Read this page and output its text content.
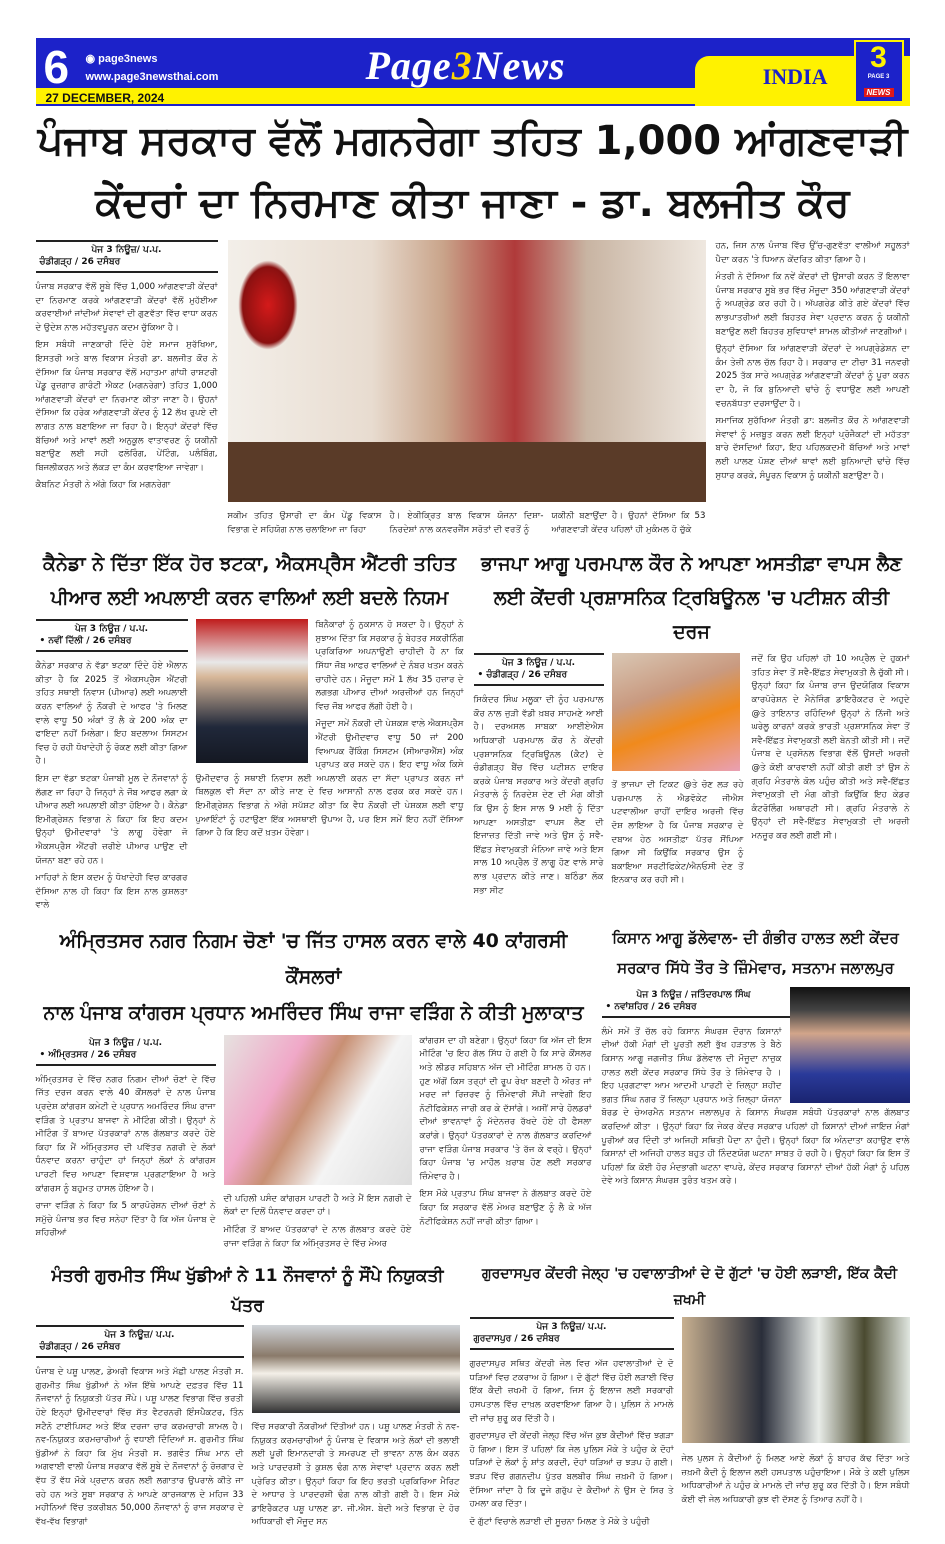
6 ◉ page3news
www.page3newsthai.com
27 DECEMBER, 2024
Page3News	INDIA
3
PAGE 3
NEWS
ਪੰਜਾਬ ਸਰਕਾਰ ਵੱਲੋਂ ਮਗਨਰੇਗਾ ਤਹਿਤ 1,000 ਆਂਗਣਵਾੜੀ
ਕੇਂਦਰਾਂ ਦਾ ਨਿਰਮਾਣ ਕੀਤਾ ਜਾਣਾ - ਡਾ. ਬਲਜੀਤ ਕੌਰ
ਪੇਜ 3 ਨਿਊਜ਼/ ਪ.ਪ.
ਚੰਡੀਗੜ੍ਹ / 26 ਦਸੰਬਰ

ਪੰਜਾਬ ਸਰਕਾਰ ਵੱਲੋਂ ਸੂਬੇ ਵਿੱਚ 1,000 ਆਂਗਣਵਾੜੀ ਕੇਂਦਰਾਂ ਦਾ ਨਿਰਮਾਣ ਕਰਕੇ ਆਂਗਣਵਾੜੀ ਕੇਂਦਰਾਂ ਵੱਲੋਂ ਮੁਹੱਈਆ ਕਰਵਾਈਆਂ ਜਾਂਦੀਆਂ ਸੇਵਾਵਾਂ ਦੀ ਗੁਣਵੱਤਾ ਵਿੱਚ ਵਾਧਾ ਕਰਨ ਦੇ ਉਦੇਸ਼ ਨਾਲ ਮਹੱਤਵਪੂਰਨ ਕਦਮ ਚੁੱਕਿਆ ਹੈ।

ਇਸ ਸਬੰਧੀ ਜਾਣਕਾਰੀ ਦਿੰਦੇ ਹੋਏ ਸਮਾਜ ਸੁਰੱਖਿਆ, ਇਸਤਰੀ ਅਤੇ ਬਾਲ ਵਿਕਾਸ ਮੰਤਰੀ ਡਾ. ਬਲਜੀਤ ਕੌਰ ਨੇ ਦੱਸਿਆ ਕਿ ਪੰਜਾਬ ਸਰਕਾਰ ਵੱਲੋਂ ਮਹਾਤਮਾ ਗਾਂਧੀ ਰਾਸ਼ਟਰੀ ਪੇਂਡੂ ਰੁਜ਼ਗਾਰ ਗਾਰੰਟੀ ਐਕਟ (ਮਗਨਰੇਗਾ) ਤਹਿਤ 1,000 ਆਂਗਣਵਾੜੀ ਕੇਂਦਰਾਂ ਦਾ ਨਿਰਮਾਣ ਕੀਤਾ ਜਾਣਾ ਹੈ। ਉਹਨਾਂ ਦੱਸਿਆ ਕਿ ਹਰੇਕ ਆਂਗਣਵਾੜੀ ਕੇਂਦਰ ਨੂੰ 12 ਲੱਖ ਰੁਪਏ ਦੀ ਲਾਗਤ ਨਾਲ ਬਣਾਇਆ ਜਾ ਰਿਹਾ ਹੈ। ਇਨ੍ਹਾਂ ਕੇਂਦਰਾਂ ਵਿੱਚ ਬੱਚਿਆਂ ਅਤੇ ਮਾਵਾਂ ਲਈ ਅਨੁਕੂਲ ਵਾਤਾਵਰਣ ਨੂੰ ਯਕੀਨੀ ਬਣਾਉਣ ਲਈ ਸਹੀ ਫਲੋਰਿੰਗ, ਪੇਂਟਿੰਗ, ਪਲੰਬਿੰਗ, ਬਿਜਲੀਕਰਨ ਅਤੇ ਲੱਕੜ ਦਾ ਕੰਮ ਕਰਵਾਇਆ ਜਾਵੇਗਾ।

ਕੈਬਨਿਟ ਮੰਤਰੀ ਨੇ ਅੱਗੇ ਕਿਹਾ ਕਿ ਮਗਨਰੇਗਾ

ਸਕੀਮ ਤਹਿਤ ਉਸਾਰੀ ਦਾ ਕੰਮ ਪੇਂਡੂ ਵਿਕਾਸ ਵਿਭਾਗ ਦੇ ਸਹਿਯੋਗ ਨਾਲ ਚਲਾਇਆ ਜਾ ਰਿਹਾ

ਹੈ। ਏਕੀਕ੍ਰਿਤ ਬਾਲ ਵਿਕਾਸ ਯੋਜਨਾ ਦਿਸ਼ਾ- ਨਿਰਦੇਸ਼ਾਂ ਨਾਲ ਕਨਵਰਜੈਂਸ ਸਰੋਤਾਂ ਦੀ ਵਰਤੋਂ ਨੂੰ

ਯਕੀਨੀ ਬਣਾਉਂਦਾ ਹੈ। ਉਹਨਾਂ ਦੱਸਿਆ ਕਿ 53 ਆਂਗਣਵਾੜੀ ਕੇਂਦਰ ਪਹਿਲਾਂ ਹੀ ਮੁਕੰਮਲ ਹੋ ਚੁੱਕੇ

ਹਨ, ਜਿਸ ਨਾਲ ਪੰਜਾਬ ਵਿੱਚ ਉੱਚ-ਗੁਣਵੱਤਾ ਵਾਲੀਆਂ ਸਹੂਲਤਾਂ ਪੈਦਾ ਕਰਨ 'ਤੇ ਧਿਆਨ ਕੇਂਦਰਿਤ ਕੀਤਾ ਗਿਆ ਹੈ।

ਮੰਤਰੀ ਨੇ ਦੱਸਿਆ ਕਿ ਨਵੇਂ ਕੇਂਦਰਾਂ ਦੀ ਉਸਾਰੀ ਕਰਨ ਤੋਂ ਇਲਾਵਾ ਪੰਜਾਬ ਸਰਕਾਰ ਸੂਬੇ ਭਰ ਵਿੱਚ ਮੌਜੂਦਾ 350 ਆਂਗਣਵਾੜੀ ਕੇਂਦਰਾਂ ਨੂੰ ਅਪਗ੍ਰੇਡ ਕਰ ਰਹੀ ਹੈ। ਅੱਪਗਰੇਡ ਕੀਤੇ ਗਏ ਕੇਂਦਰਾਂ ਵਿੱਚ ਲਾਭਪਾਤਰੀਆਂ ਲਈ ਬਿਹਤਰ ਸੇਵਾ ਪ੍ਰਦਾਨ ਕਰਨ ਨੂੰ ਯਕੀਨੀ ਬਣਾਉਣ ਲਈ ਬਿਹਤਰ ਸੁਵਿਧਾਵਾਂ ਸ਼ਾਮਲ ਕੀਤੀਆਂ ਜਾਣਗੀਆਂ।

ਉਨ੍ਹਾਂ ਦੱਸਿਆ ਕਿ ਆਂਗਣਵਾੜੀ ਕੇਂਦਰਾਂ ਦੇ ਅਪਗ੍ਰੇਡੇਸ਼ਨ ਦਾ ਕੰਮ ਤੇਜ਼ੀ ਨਾਲ ਚੱਲ ਰਿਹਾ ਹੈ। ਸਰਕਾਰ ਦਾ ਟੀਚਾ 31 ਜਨਵਰੀ 2025 ਤੱਕ ਸਾਰੇ ਅਪਗ੍ਰੇਡ ਆਂਗਣਵਾੜੀ ਕੇਂਦਰਾਂ ਨੂੰ ਪੂਰਾ ਕਰਨ ਦਾ ਹੈ, ਜੋ ਕਿ ਬੁਨਿਆਦੀ ਢਾਂਚੇ ਨੂੰ ਵਧਾਉਣ ਲਈ ਆਪਣੀ ਵਚਨਬੱਧਤਾ ਦਰਸਾਉਂਦਾ ਹੈ।

ਸਮਾਜਿਕ ਸੁਰੱਖਿਆ ਮੰਤਰੀ ਡਾ: ਬਲਜੀਤ ਕੌਰ ਨੇ ਆਂਗਣਵਾੜੀ ਸੇਵਾਵਾਂ ਨੂੰ ਮਜ਼ਬੂਤ ਕਰਨ ਲਈ ਇਨ੍ਹਾਂ ਪ੍ਰੋਜੈਕਟਾਂ ਦੀ ਮਹੱਤਤਾ ਬਾਰੇ ਦੱਸਦਿਆਂ ਕਿਹਾ, ਇਹ ਪਹਿਲਕਦਮੀ ਬੱਚਿਆਂ ਅਤੇ ਮਾਵਾਂ ਲਈ ਪਾਲਣ ਪੋਸ਼ਣ ਦੀਆਂ ਥਾਵਾਂ ਲਈ ਬੁਨਿਆਦੀ ਢਾਂਚੇ ਵਿੱਚ ਸੁਧਾਰ ਕਰਕੇ, ਸੰਪੂਰਨ ਵਿਕਾਸ ਨੂੰ ਯਕੀਨੀ ਬਣਾਉਣਾ ਹੈ।

ਕੈਨੇਡਾ ਨੇ ਦਿੱਤਾ ਇੱਕ ਹੋਰ ਝਟਕਾ, ਐਕਸਪ੍ਰੈਸ ਐਂਟਰੀ ਤਹਿਤ
ਪੀਆਰ ਲਈ ਅਪਲਾਈ ਕਰਨ ਵਾਲਿਆਂ ਲਈ ਬਦਲੇ ਨਿਯਮ
ਪੇਜ 3 ਨਿਊਜ਼ / ਪ.ਪ.
• ਨਵੀਂ ਦਿੱਲੀ / 26 ਦਸੰਬਰ

ਕੈਨੇਡਾ ਸਰਕਾਰ ਨੇ ਵੱਡਾ ਝਟਕਾ ਦਿੰਦੇ ਹੋਏ ਐਲਾਨ ਕੀਤਾ ਹੈ ਕਿ 2025 ਤੋਂ ਐਕਸਪ੍ਰੈਸ ਐਂਟਰੀ ਤਹਿਤ ਸਥਾਈ ਨਿਵਾਸ (ਪੀਆਰ) ਲਈ ਅਪਲਾਈ ਕਰਨ ਵਾਲਿਆਂ ਨੂੰ ਨੌਕਰੀ ਦੇ ਆਫਰ 'ਤੇ ਮਿਲਣ ਵਾਲੇ ਵਾਧੂ 50 ਅੰਕਾਂ ਤੋਂ ਲੈ ਕੇ 200 ਅੰਕ ਦਾ ਫਾਇਦਾ ਨਹੀਂ ਮਿਲੇਗਾ। ਇਹ ਬਦਲਾਅ ਸਿਸਟਮ ਵਿਚ ਹੋ ਰਹੀ ਧੋਖਾਦੇਹੀ ਨੂੰ ਰੋਕਣ ਲਈ ਕੀਤਾ ਗਿਆ ਹੈ।

ਇਸ ਦਾ ਵੱਡਾ ਝਟਕਾ ਪੰਜਾਬੀ ਮੂਲ ਦੇ ਨੌਜਵਾਨਾਂ ਨੂੰ ਲੱਗਣ ਜਾ ਰਿਹਾ ਹੈ ਜਿਨ੍ਹਾਂ ਨੇ ਜੌਬ ਆਫਰ ਲਗਾ ਕੇ ਪੀਆਰ ਲਈ ਅਪਲਾਈ ਕੀਤਾ ਹੋਇਆ ਹੈ। ਕੈਨੇਡਾ ਇਮੀਗ੍ਰੇਸ਼ਨ ਵਿਭਾਗ ਨੇ ਕਿਹਾ ਕਿ ਇਹ ਕਦਮ ਉਨ੍ਹਾਂ ਉਮੀਦਵਾਰਾਂ 'ਤੇ ਲਾਗੂ ਹੋਵੇਗਾ ਜੋ ਐਕਸਪ੍ਰੈਸ ਐਂਟਰੀ ਜ਼ਰੀਏ ਪੀਆਰ ਪਾਉਣ ਦੀ ਯੋਜਨਾ ਬਣਾ ਰਹੇ ਹਨ।

ਮਾਹਿਰਾਂ ਨੇ ਇਸ ਕਦਮ ਨੂੰ ਧੋਖਾਦੇਹੀ ਵਿਚ ਕਾਰਗਰ ਦੱਸਿਆ ਨਾਲ ਹੀ ਕਿਹਾ ਕਿ ਇਸ ਨਾਲ ਕੁਸ਼ਲਤਾ ਵਾਲੇ

ਬਿਨੈਕਾਰਾਂ ਨੂੰ ਨੁਕਸਾਨ ਹੋ ਸਕਦਾ ਹੈ। ਉਨ੍ਹਾਂ ਨੇ ਸੁਝਾਅ ਦਿੱਤਾ ਕਿ ਸਰਕਾਰ ਨੂੰ ਬੇਹਤਰ ਸਕਰੀਨਿੰਗ ਪ੍ਰਕਿਰਿਆ ਅਪਨਾਉਣੀ ਚਾਹੀਦੀ ਹੈ ਨਾ ਕਿ ਸਿੱਧਾ ਜੌਬ ਆਫਰ ਵਾਲਿਆਂ ਦੇ ਨੰਬਰ ਖਤਮ ਕਰਨੇ ਚਾਹੀਦੇ ਹਨ। ਮੌਜੂਦਾ ਸਮੇਂ 1 ਲੱਖ 35 ਹਜ਼ਾਰ ਦੇ ਲਗਭਗ ਪੀਆਰ ਦੀਆਂ ਅਰਜ਼ੀਆਂ ਹਨ ਜਿਨ੍ਹਾਂ ਵਿਚ ਜੌਬ ਆਫਰ ਲੱਗੀ ਹੋਈ ਹੈ।

ਮੌਜੂਦਾ ਸਮੇਂ ਨੌਕਰੀ ਦੀ ਪੇਸ਼ਕਸ਼ ਵਾਲੇ ਐਕਸਪ੍ਰੈਸ ਐਂਟਰੀ ਉਮੀਦਵਾਰ ਵਾਧੂ 50 ਜਾਂ 200 ਵਿਆਪਕ ਰੈਂਕਿੰਗ ਸਿਸਟਮ (ਸੀਆਰਐੱਸ) ਅੰਕ ਪ੍ਰਾਪਤ ਕਰ ਸਕਦੇ ਹਨ। ਇਹ ਵਾਧੂ ਅੰਕ ਕਿਸੇ ਉਮੀਦਵਾਰ ਨੂੰ ਸਥਾਈ ਨਿਵਾਸ ਲਈ ਅਪਲਾਈ ਕਰਨ ਦਾ ਸੱਦਾ ਪ੍ਰਾਪਤ ਕਰਨ ਜਾਂ ਬਿਲਕੁਲ ਵੀ ਸੱਦਾ ਨਾ ਕੀਤੇ ਜਾਣ ਦੇ ਵਿਚ ਆਸਾਨੀ ਨਾਲ ਫਰਕ ਕਰ ਸਕਦੇ ਹਨ। ਇਮੀਗ੍ਰੇਸ਼ਨ ਵਿਭਾਗ ਨੇ ਅੱਗੇ ਸਪੱਸ਼ਟ ਕੀਤਾ ਕਿ ਵੈਧ ਨੌਕਰੀ ਦੀ ਪੇਸ਼ਕਸ਼ ਲਈ ਵਾਧੂ ਪੁਆਇੰਟਾਂ ਨੂੰ ਹਟਾਉਣਾ ਇੱਕ ਅਸਥਾਈ ਉਪਾਅ ਹੈ, ਪਰ ਇਸ ਸਮੇਂ ਇਹ ਨਹੀਂ ਦੱਸਿਆ ਗਿਆ ਹੈ ਕਿ ਇਹ ਕਦੋਂ ਖ਼ਤਮ ਹੋਵੇਗਾ।

ਭਾਜਪਾ ਆਗੂ ਪਰਮਪਾਲ ਕੌਰ ਨੇ ਆਪਣਾ ਅਸਤੀਫ਼ਾ ਵਾਪਸ ਲੈਣ
ਲਈ ਕੇਂਦਰੀ ਪ੍ਰਸ਼ਾਸਨਿਕ ਟ੍ਰਿਬਿਊਨਲ 'ਚ ਪਟੀਸ਼ਨ ਕੀਤੀ ਦਰਜ
ਪੇਜ 3 ਨਿਊਜ਼ / ਪ.ਪ.
• ਚੰਡੀਗੜ੍ਹ / 26 ਦਸੰਬਰ

ਸਿਕੰਦਰ ਸਿੰਘ ਮਲੂਕਾ ਦੀ ਨੂੰਹ ਪਰਮਪਾਲ ਕੌਰ ਨਾਲ ਜੁੜੀ ਵੱਡੀ ਖ਼ਬਰ ਸਾਹਮਣੇ ਆਈ ਹੈ। ਦਰਅਸਲ ਸਾਬਕਾ ਆਈਏਐਸ ਅਧਿਕਾਰੀ ਪਰਮਪਾਲ ਕੌਰ ਨੇ ਕੇਂਦਰੀ ਪ੍ਰਸ਼ਾਸਨਿਕ ਟ੍ਰਿਬਿਊਨਲ (ਕੈਟ) ਦੇ ਚੰਡੀਗੜ੍ਹ ਬੈਂਚ ਵਿੱਚ ਪਟੀਸ਼ਨ ਦਾਇਰ ਕਰਕੇ ਪੰਜਾਬ ਸਰਕਾਰ ਅਤੇ ਕੇਂਦਰੀ ਗ੍ਰਹਿ ਮੰਤਰਾਲੇ ਨੂੰ ਨਿਰਦੇਸ਼ ਦੇਣ ਦੀ ਮੰਗ ਕੀਤੀ ਕਿ ਉਸ ਨੂੰ ਇਸ ਸਾਲ 9 ਮਈ ਨੂੰ ਦਿੱਤਾ ਆਪਣਾ ਅਸਤੀਫ਼ਾ ਵਾਪਸ ਲੈਣ ਦੀ ਇਜਾਜ਼ਤ ਦਿੱਤੀ ਜਾਵੇ ਅਤੇ ਉਸ ਨੂੰ ਸਵੈ-ਇੱਛਤ ਸੇਵਾਮੁਕਤੀ ਮੰਨਿਆ ਜਾਵੇ ਅਤੇ ਇਸ ਸਾਲ 10 ਅਪ੍ਰੈਲ ਤੋਂ ਲਾਗੂ ਹੋਣ ਵਾਲੇ ਸਾਰੇ ਲਾਭ ਪ੍ਰਦਾਨ ਕੀਤੇ ਜਾਣ। ਬਠਿੰਡਾ ਲੋਕ ਸਭਾ ਸੀਟ

ਤੋਂ ਭਾਜਪਾ ਦੀ ਟਿਕਟ @ਤੇ ਚੋਣ ਲੜ ਰਹੇ ਪਰਮਪਾਲ ਨੇ ਐਡਵੋਕੇਟ ਜੀਐਸ ਪਟਵਾਲੀਆ ਰਾਹੀਂ ਦਾਇਰ ਅਰਜ਼ੀ ਵਿੱਚ ਦੋਸ਼ ਲਾਇਆ ਹੈ ਕਿ ਪੰਜਾਬ ਸਰਕਾਰ ਦੇ ਦਬਾਅ ਹੇਠ ਅਸਤੀਫ਼ਾ ਪੱਤਰ ਸੌਂਪਿਆ ਗਿਆ ਸੀ ਕਿਉਂਕਿ ਸਰਕਾਰ ਉਸ ਨੂੰ ਬਕਾਇਆ ਸਰਟੀਫਿਕੇਟ/ਐਨਓਸੀ ਦੇਣ ਤੋਂ ਇਨਕਾਰ ਕਰ ਰਹੀ ਸੀ।

ਜਦੋਂ ਕਿ ਉਹ ਪਹਿਲਾਂ ਹੀ 10 ਅਪ੍ਰੈਲ ਦੇ ਹੁਕਮਾਂ ਤਹਿਤ ਸੇਵਾ ਤੋਂ ਸਵੈ-ਇੱਛਤ ਸੇਵਾਮੁਕਤੀ ਲੈ ਚੁੱਕੀ ਸੀ। ਉਨ੍ਹਾਂ ਕਿਹਾ ਕਿ ਪੰਜਾਬ ਰਾਜ ਉਦਯੋਗਿਕ ਵਿਕਾਸ ਕਾਰਪੋਰੇਸ਼ਨ ਦੇ ਮੈਨੇਜਿੰਗ ਡਾਇਰੈਕਟਰ ਦੇ ਅਹੁਦੇ @ਤੇ ਤਾਇਨਾਤ ਰਹਿੰਦਿਆਂ ਉਨ੍ਹਾਂ ਨੇ ਨਿੱਜੀ ਅਤੇ ਘਰੇਲੂ ਕਾਰਨਾਂ ਕਰਕੇ ਭਾਰਤੀ ਪ੍ਰਸ਼ਾਸਨਿਕ ਸੇਵਾ ਤੋਂ ਸਵੈ-ਇੱਛਤ ਸੇਵਾਮੁਕਤੀ ਲਈ ਬੇਨਤੀ ਕੀਤੀ ਸੀ। ਜਦੋਂ ਪੰਜਾਬ ਦੇ ਪ੍ਰਸੋਨਲ ਵਿਭਾਗ ਵੱਲੋਂ ਉਸਦੀ ਅਰਜ਼ੀ @ਤੇ ਕੋਈ ਕਾਰਵਾਈ ਨਹੀਂ ਕੀਤੀ ਗਈ ਤਾਂ ਉਸ ਨੇ ਗ੍ਰਹਿ ਮੰਤਰਾਲੇ ਕੋਲ ਪਹੁੰਚ ਕੀਤੀ ਅਤੇ ਸਵੈ-ਇੱਛਤ ਸੇਵਾਮੁਕਤੀ ਦੀ ਮੰਗ ਕੀਤੀ ਕਿਉਂਕਿ ਇਹ ਕੇਡਰ ਕੰਟਰੋਲਿੰਗ ਅਥਾਰਟੀ ਸੀ। ਗ੍ਰਹਿ ਮੰਤਰਾਲੇ ਨੇ ਉਨ੍ਹਾਂ ਦੀ ਸਵੈ-ਇੱਛਤ ਸੇਵਾਮੁਕਤੀ ਦੀ ਅਰਜ਼ੀ ਮਨਜ਼ੂਰ ਕਰ ਲਈ ਗਈ ਸੀ।

ਅੰਮ੍ਰਿਤਸਰ ਨਗਰ ਨਿਗਮ ਚੋਣਾਂ 'ਚ ਜਿੱਤ ਹਾਸਲ ਕਰਨ ਵਾਲੇ 40 ਕਾਂਗਰਸੀ ਕੌਂਸਲਰਾਂ
ਨਾਲ ਪੰਜਾਬ ਕਾਂਗਰਸ ਪ੍ਰਧਾਨ ਅਮਰਿੰਦਰ ਸਿੰਘ ਰਾਜਾ ਵੜਿੰਗ ਨੇ ਕੀਤੀ ਮੁਲਾਕਾਤ
ਪੇਜ 3 ਨਿਊਜ਼ / ਪ.ਪ.
• ਅੰਮ੍ਰਿਤਸਰ / 26 ਦਸੰਬਰ

ਅੰਮ੍ਰਿਤਸਰ ਦੇ ਵਿੱਚ ਨਗਰ ਨਿਗਮ ਦੀਆਂ ਚੋਣਾਂ ਦੇ ਵਿੱਚ ਜਿੱਤ ਦਰਜ ਕਰਨ ਵਾਲੇ 40 ਕੌਂਸਲਰਾਂ ਦੇ ਨਾਲ ਪੰਜਾਬ ਪ੍ਰਦੇਸ਼ ਕਾਂਗਰਸ ਕਮੇਟੀ ਦੇ ਪ੍ਰਧਾਨ ਅਮਰਿੰਦਰ ਸਿੰਘ ਰਾਜਾ ਵੜਿੰਗ ਤੇ ਪ੍ਰਤਾਪ ਬਾਜਵਾ ਨੇ ਮੀਟਿੰਗ ਕੀਤੀ। ਉਨ੍ਹਾਂ ਨੇ ਮੀਟਿੰਗ ਤੋਂ ਬਾਅਦ ਪੱਤਰਕਾਰਾਂ ਨਾਲ ਗੱਲਬਾਤ ਕਰਦੇ ਹੋਏ ਕਿਹਾ ਕਿ ਮੈਂ ਅੰਮ੍ਰਿਤਸਰ ਦੀ ਪਵਿੱਤਰ ਨਗਰੀ ਦੇ ਲੋਕਾਂ ਧੰਨਵਾਦ ਕਰਨਾ ਚਾਹੁੰਦਾ ਹਾਂ ਜਿਨ੍ਹਾਂ ਲੋਕਾਂ ਨੇ ਕਾਂਗਰਸ ਪਾਰਟੀ ਵਿਚ ਆਪਣਾ ਵਿਸ਼ਵਾਸ਼ ਪ੍ਰਗਟਾਇਆ ਹੈ ਅਤੇ ਕਾਂਗਰਸ ਨੂੰ ਬਹੁਮਤ ਹਾਸਲ ਹੋਇਆ ਹੈ।

ਰਾਜਾ ਵੜਿੰਗ ਨੇ ਕਿਹਾ ਕਿ 5 ਕਾਰਪੋਰੇਸ਼ਨ ਦੀਆਂ ਚੋਣਾਂ ਨੇ ਸਮੁੱਚੇ ਪੰਜਾਬ ਭਰ ਵਿਚ ਸਨੇਹਾ ਦਿੱਤਾ ਹੈ ਕਿ ਅੱਜ ਪੰਜਾਬ ਦੇ ਸ਼ਹਿਰੀਆਂ

ਦੀ ਪਹਿਲੀ ਪਸੰਦ ਕਾਂਗਰਸ ਪਾਰਟੀ ਹੈ ਅਤੇ ਮੈਂ ਇਸ ਨਗਰੀ ਦੇ ਲੋਕਾਂ ਦਾ ਦਿਲੋਂ ਧੰਨਵਾਦ ਕਰਦਾ ਹਾਂ।

ਮੀਟਿੰਗ ਤੋਂ ਬਾਅਦ ਪੱਤਰਕਾਰਾਂ ਦੇ ਨਾਲ ਗੱਲਬਾਤ ਕਰਦੇ ਹੋਏ ਰਾਜਾ ਵੜਿੰਗ ਨੇ ਕਿਹਾ ਕਿ ਅੰਮ੍ਰਿਤਸਰ ਦੇ ਵਿੱਚ ਮੇਅਰ

ਕਾਂਗਰਸ ਦਾ ਹੀ ਬਣੇਗਾ। ਉਨ੍ਹਾਂ ਕਿਹਾ ਕਿ ਅੱਜ ਦੀ ਇਸ ਮੀਟਿੰਗ 'ਚ ਇਹ ਗੱਲ ਸਿੱਧ ਹੋ ਗਈ ਹੈ ਕਿ ਸਾਰੇ ਕੌਂਸਲਰ ਅਤੇ ਲੀਡਰ ਸਹਿਬਾਨ ਅੱਜ ਦੀ ਮੀਟਿੰਗ ਸ਼ਾਮਲ ਹੋ ਹਨ। ਹੁਣ ਅੱਗੋਂ ਕਿਸ ਤਰ੍ਹਾਂ ਦੀ ਰੂਪ ਰੇਖਾ ਬਣਦੀ ਹੈ ਔਰਤ ਜਾਂ ਮਰਦ ਜਾਂ ਰਿਜ਼ਰਵ ਨੂੰ ਜ਼ਿੰਮੇਵਾਰੀ ਸੌਂਪੀ ਜਾਵੇਗੀ ਇਹ ਨੋਟੀਫਿਕੇਸ਼ਨ ਜਾਰੀ ਕਰ ਕੇ ਦੱਸਾਂਗੇ। ਅਸੀਂ ਸਾਰੇ ਹੋਲਡਰਾਂ ਦੀਆਂ ਭਾਵਨਾਵਾਂ ਨੂੰ ਮੱਦੇਨਜ਼ਰ ਰੱਖਦੇ ਹੋਏ ਹੀ ਫੈਸਲਾ ਕਰਾਂਗੇ। ਉਨ੍ਹਾਂ ਪੱਤਰਕਾਰਾਂ ਦੇ ਨਾਲ ਗੱਲਬਾਤ ਕਰਦਿਆਂ ਰਾਜਾ ਵੜਿੰਗ ਪੰਜਾਬ ਸਰਕਾਰ 'ਤੇ ਰੱਜ ਕੇ ਵਰ੍ਹੇ। ਉਨ੍ਹਾਂ ਕਿਹਾ ਪੰਜਾਬ 'ਚ ਮਾਹੌਲ ਖ਼ਰਾਬ ਹੋਣ ਲਈ ਸਰਕਾਰ ਜ਼ਿੰਮੇਵਾਰ ਹੈ।

ਇਸ ਮੌਕੇ ਪ੍ਰਤਾਪ ਸਿੰਘ ਬਾਜਵਾ ਨੇ ਗੱਲਬਾਤ ਕਰਦੇ ਹੋਏ ਕਿਹਾ ਕਿ ਸਰਕਾਰ ਵੱਲੋਂ ਮੇਅਰ ਬਣਾਉਣ ਨੂੰ ਲੈ ਕੇ ਅੱਜ ਨੋਟੀਫਿਕੇਸ਼ਨ ਨਹੀਂ ਜਾਰੀ ਕੀਤਾ ਗਿਆ।

ਕਿਸਾਨ ਆਗੂ ਡੱਲੇਵਾਲ- ਦੀ ਗੰਭੀਰ ਹਾਲਤ ਲਈ ਕੇਂਦਰ
ਸਰਕਾਰ ਸਿੱਧੇ ਤੌਰ ਤੇ ਜ਼ਿੰਮੇਵਾਰ, ਸਤਨਾਮ ਜਲਾਲਪੁਰ
ਪੇਜ 3 ਨਿਊਜ਼ / ਜਤਿੰਦਰਪਾਲ ਸਿੰਘ
• ਨਵਾਂਸ਼ਹਿਰ / 26 ਦਸੰਬਰ

ਲੰਮੇ ਸਮੇਂ ਤੋਂ ਚੱਲ ਰਹੇ ਕਿਸਾਨ ਸੰਘਰਸ਼ ਦੌਰਾਨ ਕਿਸਾਨਾਂ ਦੀਆਂ ਹੱਕੀ ਮੰਗਾਂ ਦੀ ਪੂਰਤੀ ਲਈ ਭੁੱਖ ਹੜਤਾਲ ਤੇ ਬੈਠੇ ਕਿਸਾਨ ਆਗੂ ਜਗਜੀਤ ਸਿੰਘ ਡੱਲੇਵਾਲ ਦੀ ਮੌਜੂਦਾ ਨਾਜ਼ੁਕ ਹਾਲਤ ਲਈ ਕੇਂਦਰ ਸਰਕਾਰ ਸਿੱਧੇ ਤੌਰ ਤੇ ਜ਼ਿੰਮੇਵਾਰ ਹੈ । ਇਹ ਪ੍ਰਗਟਾਵਾ ਆਮ ਆਦਮੀ ਪਾਰਟੀ ਦੇ ਜ਼ਿਲ੍ਹਾ ਸ਼ਹੀਦ ਭਗਤ ਸਿੰਘ ਨਗਰ ਤੋਂ ਜ਼ਿਲ੍ਹਾ ਪ੍ਰਧਾਨ ਅਤੇ ਜ਼ਿਲ੍ਹਾ ਯੋਜਨਾ ਬੋਰਡ ਦੇ ਚੇਅਰਮੈਨ ਸਤਨਾਮ ਜਲਾਲਪੁਰ ਨੇ ਕਿਸਾਨ ਸੰਘਰਸ਼ ਸਬੰਧੀ ਪੱਤਰਕਾਰਾਂ ਨਾਲ ਗੱਲਬਾਤ ਕਰਦਿਆਂ ਕੀਤਾ । ਉਨ੍ਹਾਂ ਕਿਹਾ ਕਿ ਜੇਕਰ ਕੇਂਦਰ ਸਰਕਾਰ ਪਹਿਲਾਂ ਹੀ ਕਿਸਾਨਾਂ ਦੀਆਂ ਜਾਇਜ਼ ਮੰਗਾਂ ਪੂਰੀਆਂ ਕਰ ਦਿੰਦੀ ਤਾਂ ਅਜਿਹੀ ਸਥਿਤੀ ਪੈਦਾ ਨਾ ਹੁੰਦੀ। ਉਨ੍ਹਾਂ ਕਿਹਾ ਕਿ ਅੰਨਦਾਤਾ ਕਹਾਉਣ ਵਾਲੇ ਕਿਸਾਨਾਂ ਦੀ ਅਜਿਹੀ ਹਾਲਤ ਬਹੁਤ ਹੀ ਨਿੰਦਣਯੋਗ ਘਟਨਾ ਸਾਬਤ ਹੋ ਰਹੀ ਹੈ। ਉਨ੍ਹਾਂ ਕਿਹਾ ਕਿ ਇਸ ਤੋਂ ਪਹਿਲਾਂ ਕਿ ਕੋਈ ਹੋਰ ਮੰਦਭਾਗੀ ਘਟਨਾ ਵਾਪਰੇ, ਕੇਂਦਰ ਸਰਕਾਰ ਕਿਸਾਨਾਂ ਦੀਆਂ ਹੱਕੀ ਮੰਗਾਂ ਨੂੰ ਪਹਿਲ ਦੇਵੇ ਅਤੇ ਕਿਸਾਨ ਸੰਘਰਸ਼ ਤੁਰੰਤ ਖਤਮ ਕਰੇ।

ਮੰਤਰੀ ਗੁਰਮੀਤ ਸਿੰਘ ਖੁੱਡੀਆਂ ਨੇ 11 ਨੌਜਵਾਨਾਂ ਨੂੰ ਸੌਂਪੇ ਨਿਯੁਕਤੀ ਪੱਤਰ
ਪੇਜ 3 ਨਿਊਜ਼/ ਪ.ਪ.
ਚੰਡੀਗੜ੍ਹ / 26 ਦਸੰਬਰ

ਪੰਜਾਬ ਦੇ ਪਸ਼ੂ ਪਾਲਣ, ਡੇਅਰੀ ਵਿਕਾਸ ਅਤੇ ਮੱਛੀ ਪਾਲਣ ਮੰਤਰੀ ਸ. ਗੁਰਮੀਤ ਸਿੰਘ ਖੁੱਡੀਆਂ ਨੇ ਅੱਜ ਇੱਥੇ ਆਪਣੇ ਦਫ਼ਤਰ ਵਿੱਚ 11 ਨੌਜਵਾਨਾਂ ਨੂੰ ਨਿਯੁਕਤੀ ਪੱਤਰ ਸੌਂਪੇ। ਪਸ਼ੂ ਪਾਲਣ ਵਿਭਾਗ ਵਿੱਚ ਭਰਤੀ ਹੋਏ ਇਨ੍ਹਾਂ ਉਮੀਦਵਾਰਾਂ ਵਿੱਚ ਸੱਤ ਵੈਟਰਨਰੀ ਇੰਸਪੈਕਟਰ, ਤਿੰਨ ਸਟੈਨੋ ਟਾਈਪਿਸਟ ਅਤੇ ਇੱਕ ਦਰਜਾ ਚਾਰ ਕਰਮਚਾਰੀ ਸ਼ਾਮਲ ਹੈ। ਨਵ-ਨਿਯੁਕਤ ਕਰਮਚਾਰੀਆਂ ਨੂੰ ਵਧਾਈ ਦਿੰਦਿਆਂ ਸ. ਗੁਰਮੀਤ ਸਿੰਘ ਖੁੱਡੀਆਂ ਨੇ ਕਿਹਾ ਕਿ ਮੁੱਖ ਮੰਤਰੀ ਸ. ਭਗਵੰਤ ਸਿੰਘ ਮਾਨ ਦੀ ਅਗਵਾਈ ਵਾਲੀ ਪੰਜਾਬ ਸਰਕਾਰ ਵੱਲੋਂ ਸੂਬੇ ਦੇ ਨੌਜਵਾਨਾਂ ਨੂੰ ਰੋਜ਼ਗਾਰ ਦੇ ਵੱਧ ਤੋਂ ਵੱਧ ਮੌਕੇ ਪ੍ਰਦਾਨ ਕਰਨ ਲਈ ਲਗਾਤਾਰ ਉਪਰਾਲੇ ਕੀਤੇ ਜਾ ਰਹੇ ਹਨ ਅਤੇ ਸੂਬਾ ਸਰਕਾਰ ਨੇ ਆਪਣੇ ਕਾਰਜਕਾਲ ਦੇ ਮਹਿਜ 33 ਮਹੀਨਿਆਂ ਵਿੱਚ ਤਕਰੀਬਨ 50,000 ਨੌਜਵਾਨਾਂ ਨੂੰ ਰਾਜ ਸਰਕਾਰ ਦੇ ਵੱਖ-ਵੱਖ ਵਿਭਾਗਾਂ

ਵਿੱਚ ਸਰਕਾਰੀ ਨੌਕਰੀਆਂ ਦਿੱਤੀਆਂ ਹਨ। ਪਸ਼ੂ ਪਾਲਣ ਮੰਤਰੀ ਨੇ ਨਵ-ਨਿਯੁਕਤ ਕਰਮਚਾਰੀਆਂ ਨੂੰ ਪੰਜਾਬ ਦੇ ਵਿਕਾਸ ਅਤੇ ਲੋਕਾਂ ਦੀ ਭਲਾਈ ਲਈ ਪੂਰੀ ਇਮਾਨਦਾਰੀ ਤੇ ਸਮਰਪਣ ਦੀ ਭਾਵਨਾ ਨਾਲ ਕੰਮ ਕਰਨ ਅਤੇ ਪਾਰਦਰਸ਼ੀ ਤੇ ਕੁਸ਼ਲ ਢੰਗ ਨਾਲ ਸੇਵਾਵਾਂ ਪ੍ਰਦਾਨ ਕਰਨ ਲਈ ਪ੍ਰੇਰਿਤ ਕੀਤਾ। ਉਨ੍ਹਾਂ ਕਿਹਾ ਕਿ ਇਹ ਭਰਤੀ ਪ੍ਰਕਿਰਿਆ ਮੈਰਿਟ ਦੇ ਆਧਾਰ ਤੇ ਪਾਰਦਰਸ਼ੀ ਢੰਗ ਨਾਲ ਕੀਤੀ ਗਈ ਹੈ। ਇਸ ਮੌਕੇ ਡਾਇਰੈਕਟਰ ਪਸ਼ੂ ਪਾਲਣ ਡਾ. ਜੀ.ਐਸ. ਬੇਦੀ ਅਤੇ ਵਿਭਾਗ ਦੇ ਹੋਰ ਅਧਿਕਾਰੀ ਵੀ ਮੌਜੂਦ ਸਨ

ਗੁਰਦਾਸਪੁਰ ਕੇਂਦਰੀ ਜੇਲ੍ਹ 'ਚ ਹਵਾਲਾਤੀਆਂ ਦੇ ਦੋ ਗੁੱਟਾਂ 'ਚ ਹੋਈ ਲੜਾਈ, ਇੱਕ ਕੈਦੀ ਜ਼ਖਮੀ
ਪੇਜ 3 ਨਿਊਜ਼/ ਪ.ਪ.
ਗੁਰਦਾਸਪੁਰ / 26 ਦਸੰਬਰ

ਗੁਰਦਾਸਪੁਰ ਸਥਿਤ ਕੇਂਦਰੀ ਜੇਲ ਵਿਚ ਅੱਜ ਹਵਾਲਾਤੀਆਂ ਦੇ ਦੋ ਧੜਿਆਂ ਵਿਚ ਟਕਰਾਅ ਹੋ ਗਿਆ। ਦੋ ਗੁੱਟਾਂ ਵਿੱਚ ਹੋਈ ਲੜਾਈ ਵਿੱਚ ਇੱਕ ਕੈਦੀ ਜ਼ਖਮੀ ਹੋ ਗਿਆ, ਜਿਸ ਨੂੰ ਇਲਾਜ ਲਈ ਸਰਕਾਰੀ ਹਸਪਤਾਲ ਵਿੱਚ ਦਾਖ਼ਲ ਕਰਵਾਇਆ ਗਿਆ ਹੈ। ਪੁਲਿਸ ਨੇ ਮਾਮਲੇ ਦੀ ਜਾਂਚ ਸ਼ੁਰੂ ਕਰ ਦਿੱਤੀ ਹੈ।

ਗੁਰਦਾਸਪੁਰ ਦੀ ਕੇਂਦਰੀ ਜੇਲ੍ਹ ਵਿੱਚ ਅੱਜ ਕੁਝ ਕੈਦੀਆਂ ਵਿੱਚ ਝਗੜਾ ਹੋ ਗਿਆ। ਇਸ ਤੋਂ ਪਹਿਲਾਂ ਕਿ ਜੇਲ ਪੁਲਿਸ ਮੌਕੇ ਤੇ ਪਹੁੰਚ ਕੇ ਦੋਹਾਂ ਧੜਿਆਂ ਦੇ ਲੋਕਾਂ ਨੂੰ ਸ਼ਾਂਤ ਕਰਦੀ, ਦੋਹਾਂ ਧੜਿਆਂ ਚ ਝੜਪ ਹੋ ਗਈ। ਝੜਪ ਵਿੱਚ ਗਗਨਦੀਪ ਪੁੱਤਰ ਬਲਬੀਰ ਸਿੰਘ ਜ਼ਖ਼ਮੀ ਹੋ ਗਿਆ। ਦੱਸਿਆ ਜਾਂਦਾ ਹੈ ਕਿ ਦੂਜੇ ਗਰੁੱਪ ਦੇ ਕੈਦੀਆਂ ਨੇ ਉਸ ਦੇ ਸਿਰ ਤੇ ਹਮਲਾ ਕਰ ਦਿੱਤਾ।

ਦੋ ਗੁੱਟਾਂ ਵਿਚਾਲੇ ਲੜਾਈ ਦੀ ਸੂਚਨਾ ਮਿਲਣ ਤੇ ਮੌਕੇ ਤੇ ਪਹੁੰਚੀ

ਜੇਲ ਪੁਲਸ ਨੇ ਕੈਦੀਆਂ ਨੂੰ ਮਿਲਣ ਆਏ ਲੋਕਾਂ ਨੂੰ ਬਾਹਰ ਕੱਢ ਦਿੱਤਾ ਅਤੇ ਜ਼ਖ਼ਮੀ ਕੈਦੀ ਨੂੰ ਇਲਾਜ ਲਈ ਹਸਪਤਾਲ ਪਹੁੰਚਾਇਆ। ਮੌਕੇ ਤੇ ਕਈ ਪੁਲਿਸ ਅਧਿਕਾਰੀਆਂ ਨੇ ਪਹੁੰਚ ਕੇ ਮਾਮਲੇ ਦੀ ਜਾਂਚ ਸ਼ੁਰੂ ਕਰ ਦਿੱਤੀ ਹੈ। ਇਸ ਸਬੰਧੀ ਕੋਈ ਵੀ ਜੇਲ ਅਧਿਕਾਰੀ ਕੁਝ ਵੀ ਦੱਸਣ ਨੂੰ ਤਿਆਰ ਨਹੀਂ ਹੈ।
